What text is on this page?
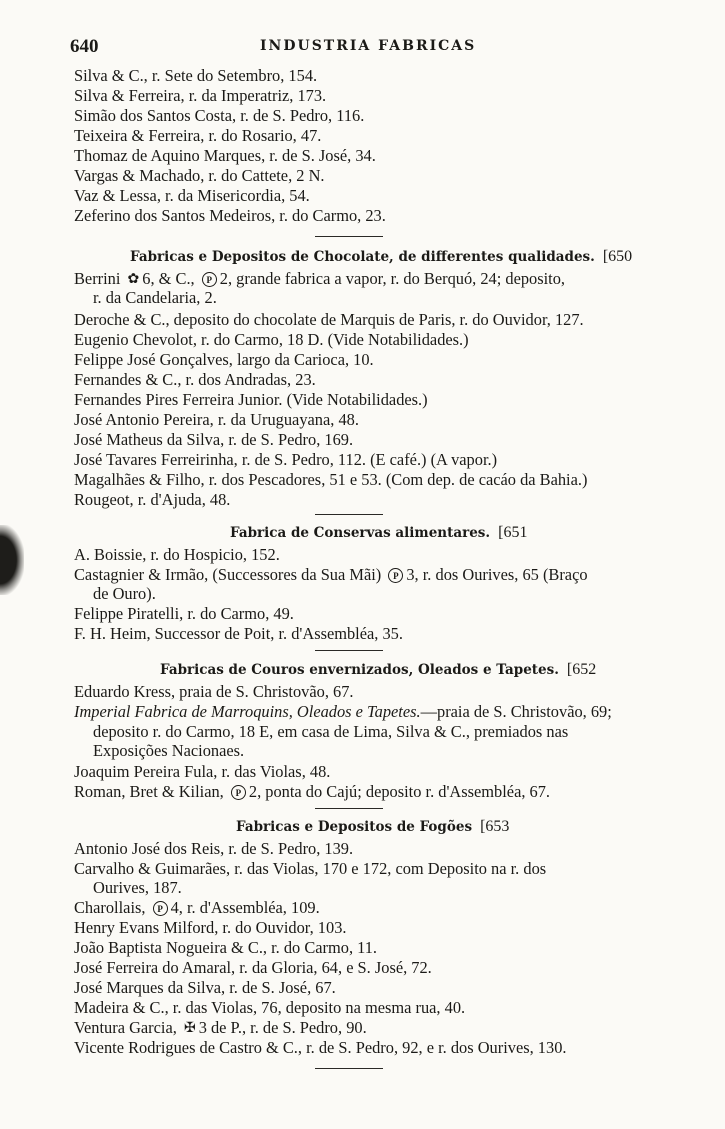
640	INDUSTRIA FABRICAS
Silva & C., r. Sete do Setembro, 154.
Silva & Ferreira, r. da Imperatriz, 173.
Simão dos Santos Costa, r. de S. Pedro, 116.
Teixeira & Ferreira, r. do Rosario, 47.
Thomaz de Aquino Marques, r. de S. José, 34.
Vargas & Machado, r. do Cattete, 2 N.
Vaz & Lessa, r. da Misericordia, 54.
Zeferino dos Santos Medeiros, r. do Carmo, 23.
Fabricas e Depositos de Chocolate, de differentes qualidades. [650
Berrini ✿ 6, & C., P 2, grande fabrica a vapor, r. do Berquó, 24; deposito,
r. da Candelaria, 2.
Deroche & C., deposito do chocolate de Marquis de Paris, r. do Ouvidor, 127.
Eugenio Chevolot, r. do Carmo, 18 D. (Vide Notabilidades.)
Felippe José Gonçalves, largo da Carioca, 10.
Fernandes & C., r. dos Andradas, 23.
Fernandes Pires Ferreira Junior. (Vide Notabilidades.)
José Antonio Pereira, r. da Uruguayana, 48.
José Matheus da Silva, r. de S. Pedro, 169.
José Tavares Ferreirinha, r. de S. Pedro, 112. (E café.) (A vapor.)
Magalhães & Filho, r. dos Pescadores, 51 e 53. (Com dep. de cacáo da Bahia.)
Rougeot, r. d'Ajuda, 48.
Fabrica de Conservas alimentares. [651
A. Boissie, r. do Hospicio, 152.
Castagnier & Irmão, (Successores da Sua Mãi) P 3, r. dos Ourives, 65 (Braço
de Ouro).
Felippe Piratelli, r. do Carmo, 49.
F. H. Heim, Successor de Poit, r. d'Assembléa, 35.
Fabricas de Couros envernizados, Oleados e Tapetes. [652
Eduardo Kress, praia de S. Christovão, 67.
Imperial Fabrica de Marroquins, Oleados e Tapetes.—praia de S. Christovão, 69;
deposito r. do Carmo, 18 E, em casa de Lima, Silva & C., premiados nas
Exposições Nacionaes.
Joaquim Pereira Fula, r. das Violas, 48.
Roman, Bret & Kilian, P 2, ponta do Cajú; deposito r. d'Assembléa, 67.
Fabricas e Depositos de Fogões [653
Antonio José dos Reis, r. de S. Pedro, 139.
Carvalho & Guimarães, r. das Violas, 170 e 172, com Deposito na r. dos
Ourives, 187.
Charollais, P 4, r. d'Assembléa, 109.
Henry Evans Milford, r. do Ouvidor, 103.
João Baptista Nogueira & C., r. do Carmo, 11.
José Ferreira do Amaral, r. da Gloria, 64, e S. José, 72.
José Marques da Silva, r. de S. José, 67.
Madeira & C., r. das Violas, 76, deposito na mesma rua, 40.
Ventura Garcia, ✠ 3 de P., r. de S. Pedro, 90.
Vicente Rodrigues de Castro & C., r. de S. Pedro, 92, e r. dos Ourives, 130.
